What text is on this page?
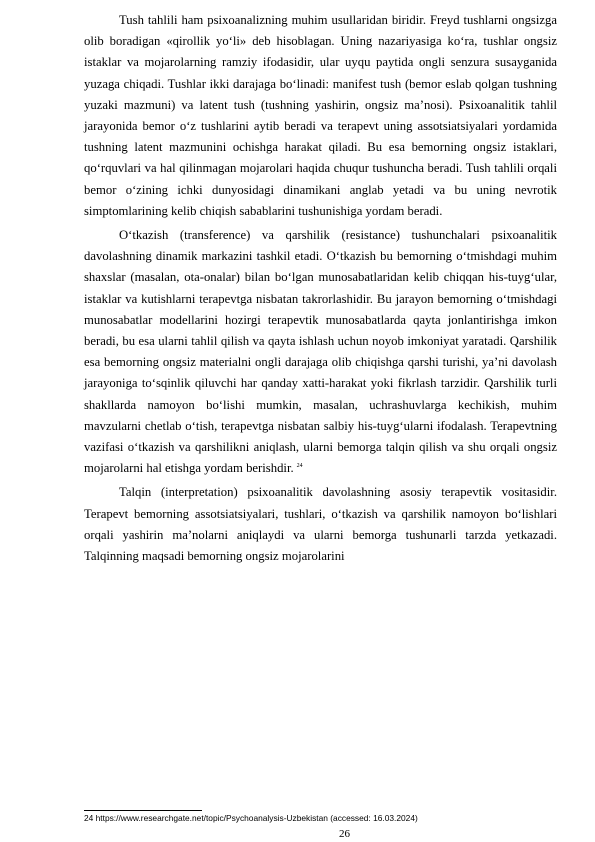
Tush tahlili ham psixoanalizning muhim usullaridan biridir. Freyd tushlarni ongsizga olib boradigan «qirollik yo‘li» deb hisoblagan. Uning nazariyasiga ko‘ra, tushlar ongsiz istaklar va mojarolarning ramziy ifodasidir, ular uyqu paytida ongli senzura susayganida yuzaga chiqadi. Tushlar ikki darajaga bo‘linadi: manifest tush (bemor eslab qolgan tushning yuzaki mazmuni) va latent tush (tushning yashirin, ongsiz ma’nosi). Psixoanalitik tahlil jarayonida bemor o‘z tushlarini aytib beradi va terapevt uning assotsiatsiyalari yordamida tushning latent mazmunini ochishga harakat qiladi. Bu esa bemorning ongsiz istaklari, qo‘rquvlari va hal qilinmagan mojarolari haqida chuqur tushuncha beradi. Tush tahlili orqali bemor o‘zining ichki dunyosidagi dinamikani anglab yetadi va bu uning nevrotik simptomlarining kelib chiqish sabablarini tushunishiga yordam beradi.

O‘tkazish (transference) va qarshilik (resistance) tushunchalari psixoanalitik davolashning dinamik markazini tashkil etadi. O‘tkazish bu bemorning o‘tmishdagi muhim shaxslar (masalan, ota-onalar) bilan bo‘lgan munosabatlaridan kelib chiqqan his-tuyg‘ular, istaklar va kutishlarni terapevtga nisbatan takrorlashidir. Bu jarayon bemorning o‘tmishdagi munosabatlar modellarini hozirgi terapevtik munosabatlarda qayta jonlantirishga imkon beradi, bu esa ularni tahlil qilish va qayta ishlash uchun noyob imkoniyat yaratadi. Qarshilik esa bemorning ongsiz materialni ongli darajaga olib chiqishga qarshi turishi, ya’ni davolash jarayoniga to‘sqinlik qiluvchi har qanday xatti-harakat yoki fikrlash tarzidir. Qarshilik turli shakllarda namoyon bo‘lishi mumkin, masalan, uchrashuvlarga kechikish, muhim mavzularni chetlab o‘tish, terapevtga nisbatan salbiy his-tuyg‘ularni ifodalash. Terapevtning vazifasi o‘tkazish va qarshilikni aniqlash, ularni bemorga talqin qilish va shu orqali ongsiz mojarolarni hal etishga yordam berishdir. $^{24}$

Talqin (interpretation) psixoanalitik davolashning asosiy terapevtik vositasidir. Terapevt bemorning assotsiatsiyalari, tushlari, o‘tkazish va qarshilik namoyon bo‘lishlari orqali yashirin ma’nolarni aniqlaydi va ularni bemorga tushunarli tarzda yetkazadi. Talqinning maqsadi bemorning ongsiz mojarolarini

24 https://www.researchgate.net/topic/Psychoanalysis-Uzbekistan (accessed: 16.03.2024)
26
